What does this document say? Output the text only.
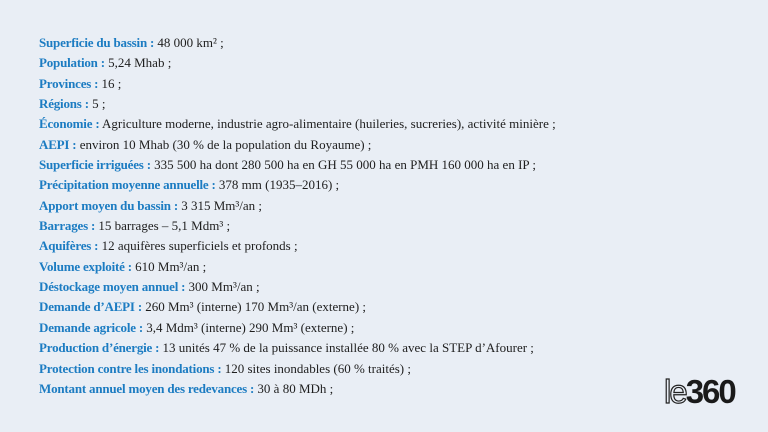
Superficie du bassin : 48 000 km² ;
Population : 5,24 Mhab ;
Provinces : 16 ;
Régions : 5 ;
Économie : Agriculture moderne, industrie agro-alimentaire (huileries, sucreries), activité minière ;
AEPI : environ 10 Mhab (30 % de la population du Royaume) ;
Superficie irriguées : 335 500 ha dont 280 500 ha en GH 55 000 ha en PMH 160 000 ha en IP ;
Précipitation moyenne annuelle : 378 mm (1935–2016) ;
Apport moyen du bassin : 3 315 Mm³/an ;
Barrages : 15 barrages – 5,1 Mdm³ ;
Aquifères : 12 aquifères superficiels et profonds ;
Volume exploité : 610 Mm³/an ;
Déstockage moyen annuel : 300 Mm³/an ;
Demande d’AEPI : 260 Mm³ (interne) 170 Mm³/an (externe) ;
Demande agricole : 3,4 Mdm³ (interne) 290 Mm³ (externe) ;
Production d’énergie : 13 unités 47 % de la puissance installée 80 % avec la STEP d’Afourer ;
Protection contre les inondations : 120 sites inondables (60 % traités) ;
Montant annuel moyen des redevances : 30 à 80 MDh ;	le360
